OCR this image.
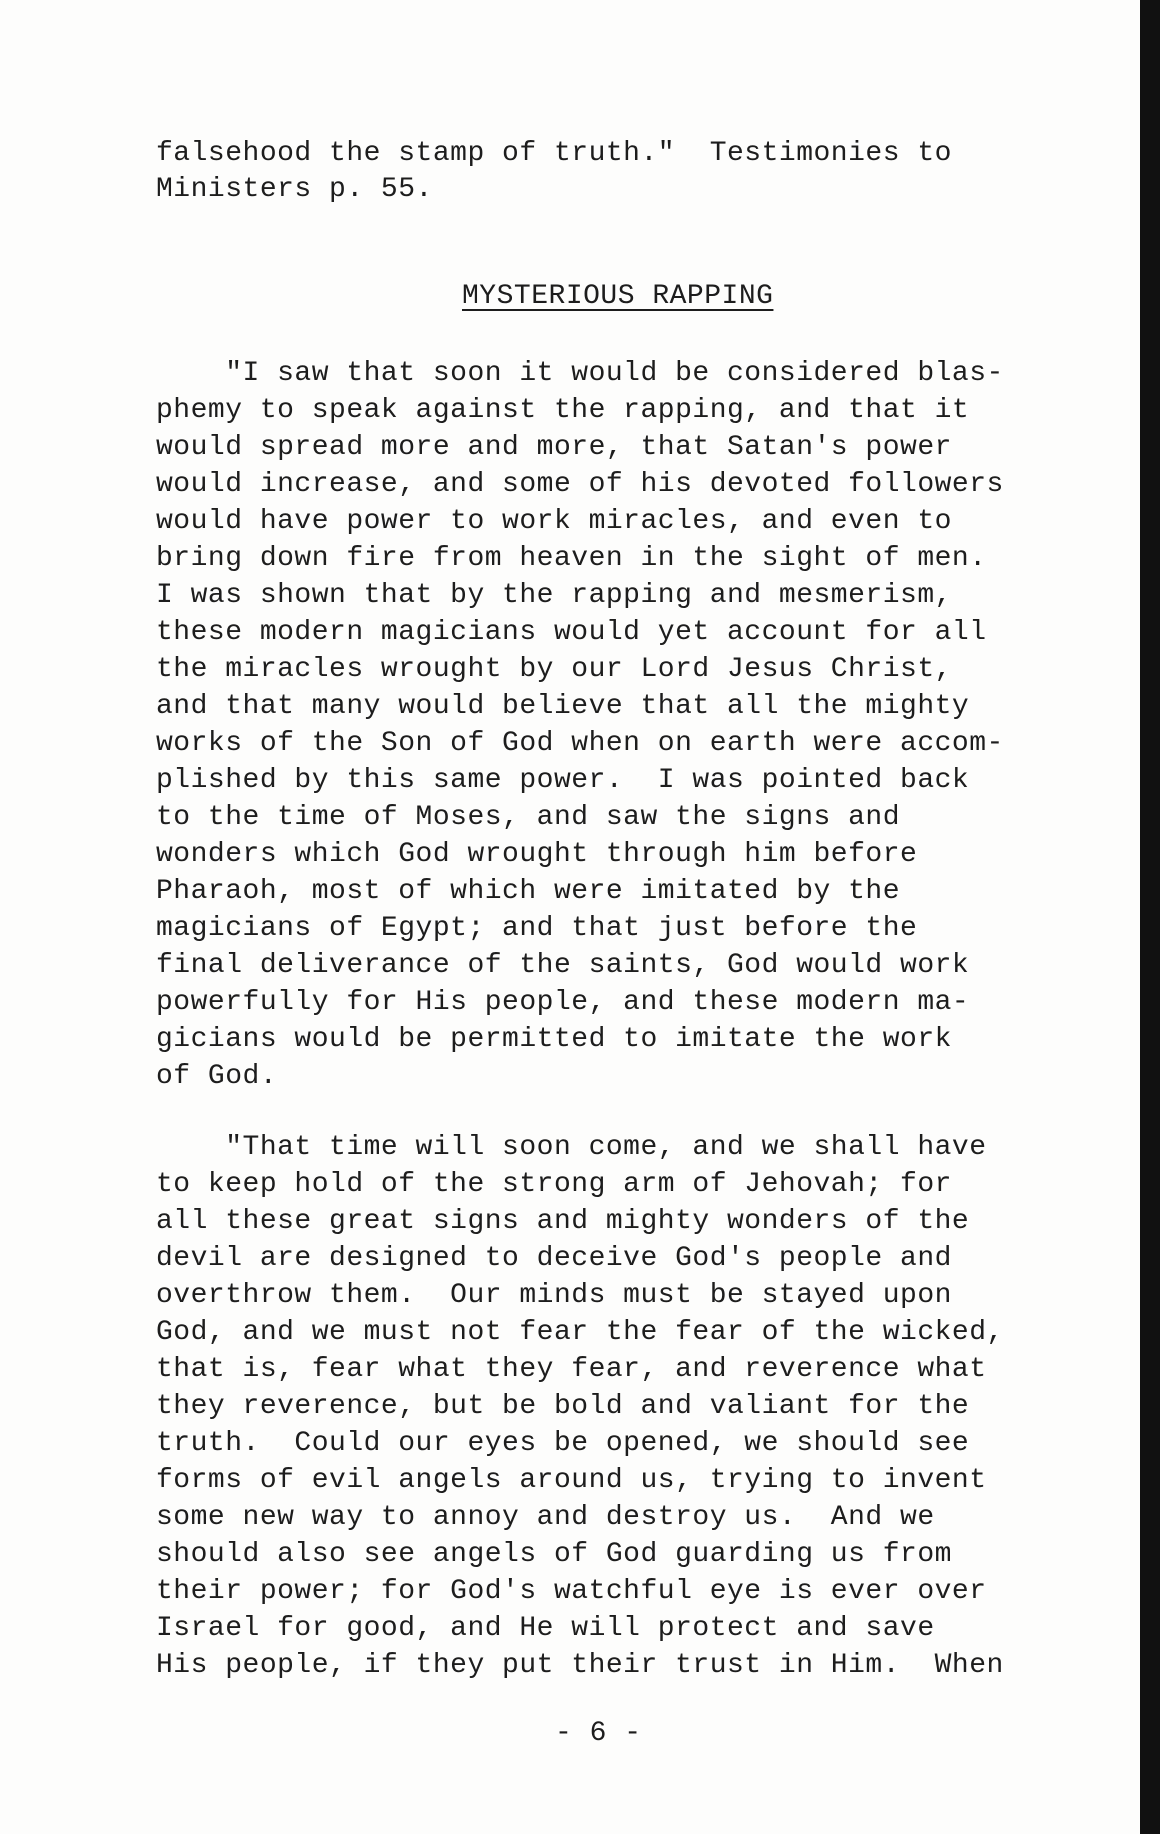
falsehood the stamp of truth."  Testimonies to
Ministers p. 55.
MYSTERIOUS RAPPING
"I saw that soon it would be considered blas-
phemy to speak against the rapping, and that it
would spread more and more, that Satan's power
would increase, and some of his devoted followers
would have power to work miracles, and even to
bring down fire from heaven in the sight of men.
I was shown that by the rapping and mesmerism,
these modern magicians would yet account for all
the miracles wrought by our Lord Jesus Christ,
and that many would believe that all the mighty
works of the Son of God when on earth were accom-
plished by this same power.  I was pointed back
to the time of Moses, and saw the signs and
wonders which God wrought through him before
Pharaoh, most of which were imitated by the
magicians of Egypt; and that just before the
final deliverance of the saints, God would work
powerfully for His people, and these modern ma-
gicians would be permitted to imitate the work
of God.
"That time will soon come, and we shall have
to keep hold of the strong arm of Jehovah; for
all these great signs and mighty wonders of the
devil are designed to deceive God's people and
overthrow them.  Our minds must be stayed upon
God, and we must not fear the fear of the wicked,
that is, fear what they fear, and reverence what
they reverence, but be bold and valiant for the
truth.  Could our eyes be opened, we should see
forms of evil angels around us, trying to invent
some new way to annoy and destroy us.  And we
should also see angels of God guarding us from
their power; for God's watchful eye is ever over
Israel for good, and He will protect and save
His people, if they put their trust in Him.  When
- 6 -
